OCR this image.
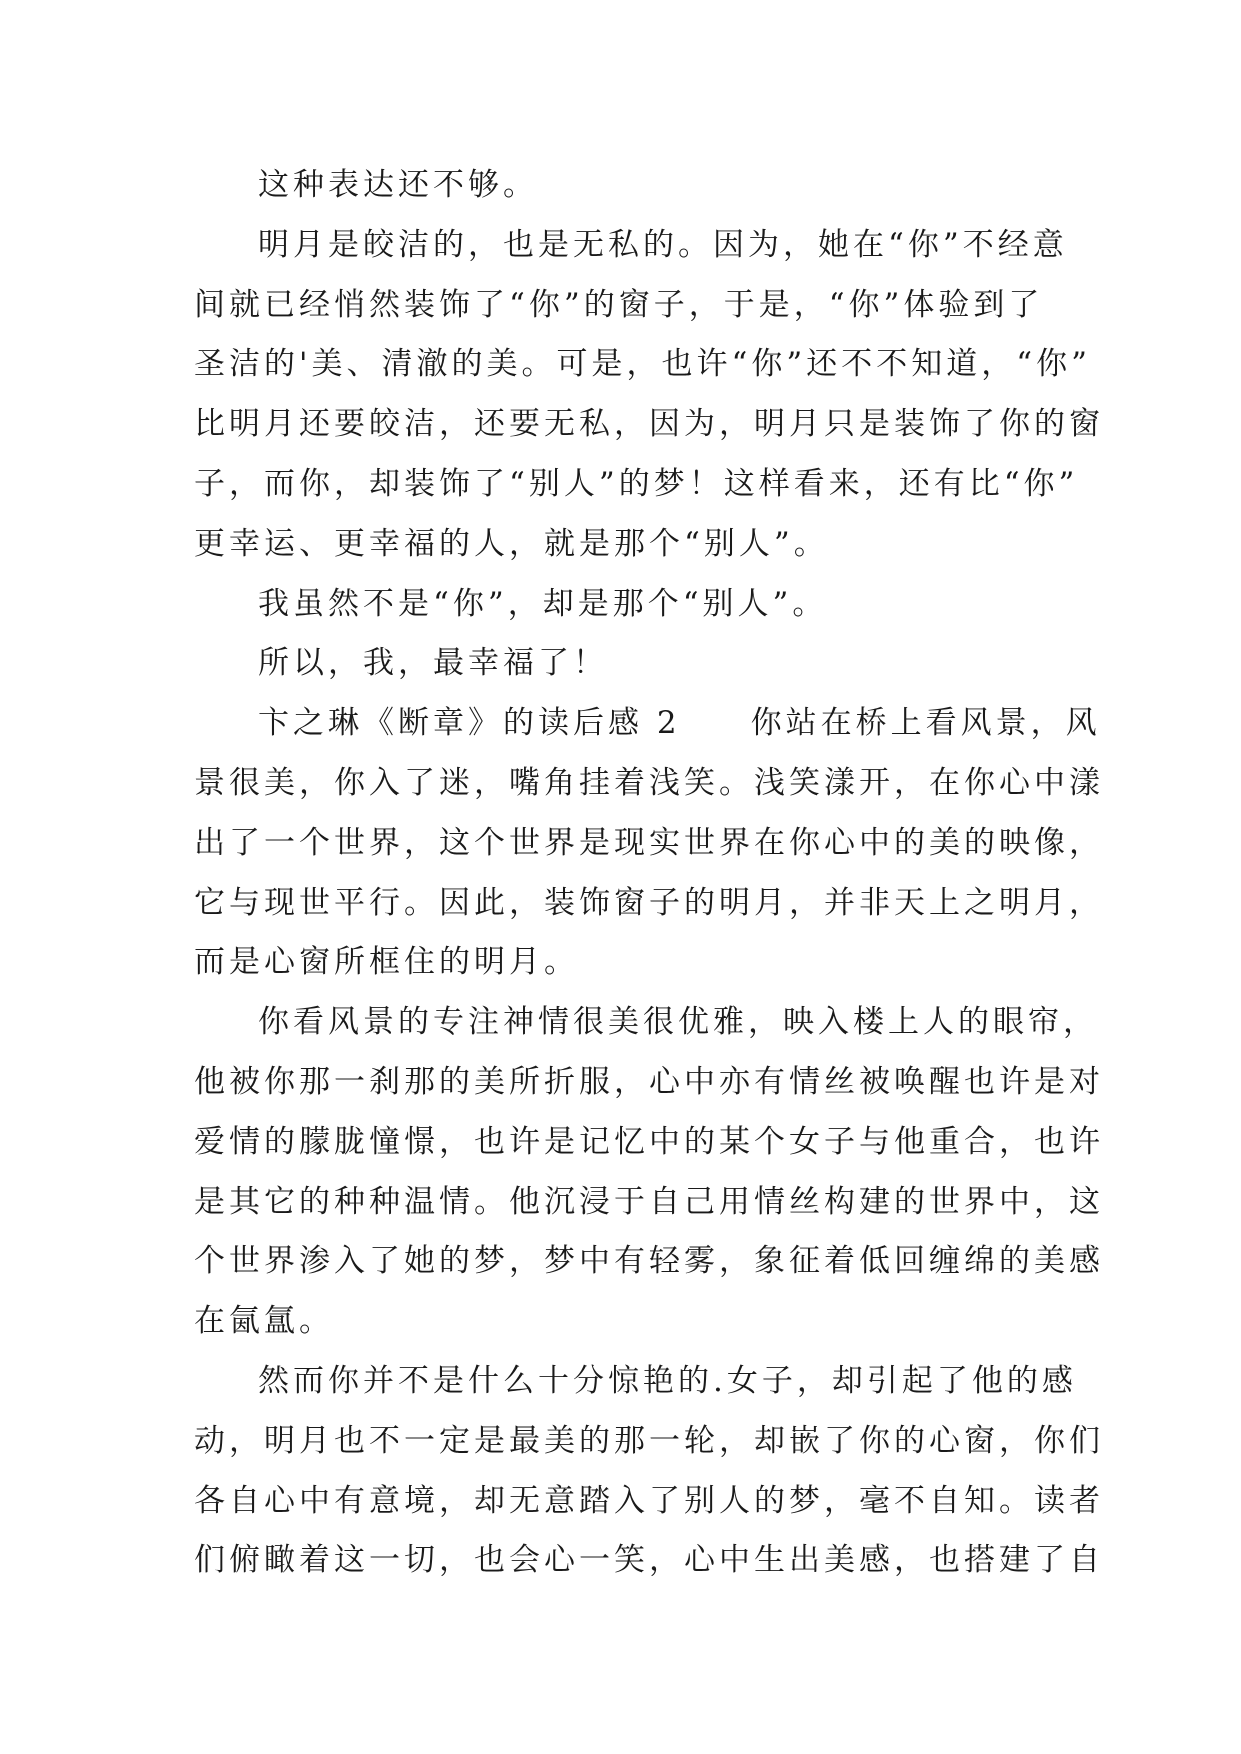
这种表达还不够。
明月是皎洁的，也是无私的。因为，她在“你”不经意
间就已经悄然装饰了“你”的窗子，于是，“你”体验到了
圣洁的'美、清澈的美。可是，也许“你”还不不知道，“你”
比明月还要皎洁，还要无私，因为，明月只是装饰了你的窗
子，而你，却装饰了“别人”的梦！这样看来，还有比“你”
更幸运、更幸福的人，就是那个“别人”。
我虽然不是“你”，却是那个“别人”。
所以，我，最幸福了！
卞之琳《断章》的读后感 2　　你站在桥上看风景，风
景很美，你入了迷，嘴角挂着浅笑。浅笑漾开，在你心中漾
出了一个世界，这个世界是现实世界在你心中的美的映像，
它与现世平行。因此，装饰窗子的明月，并非天上之明月，
而是心窗所框住的明月。
你看风景的专注神情很美很优雅，映入楼上人的眼帘，
他被你那一刹那的美所折服，心中亦有情丝被唤醒也许是对
爱情的朦胧憧憬，也许是记忆中的某个女子与他重合，也许
是其它的种种温情。他沉浸于自己用情丝构建的世界中，这
个世界渗入了她的梦，梦中有轻雾，象征着低回缠绵的美感
在氤氲。
然而你并不是什么十分惊艳的.女子，却引起了他的感
动，明月也不一定是最美的那一轮，却嵌了你的心窗，你们
各自心中有意境，却无意踏入了别人的梦，毫不自知。读者
们俯瞰着这一切，也会心一笑，心中生出美感，也搭建了自
